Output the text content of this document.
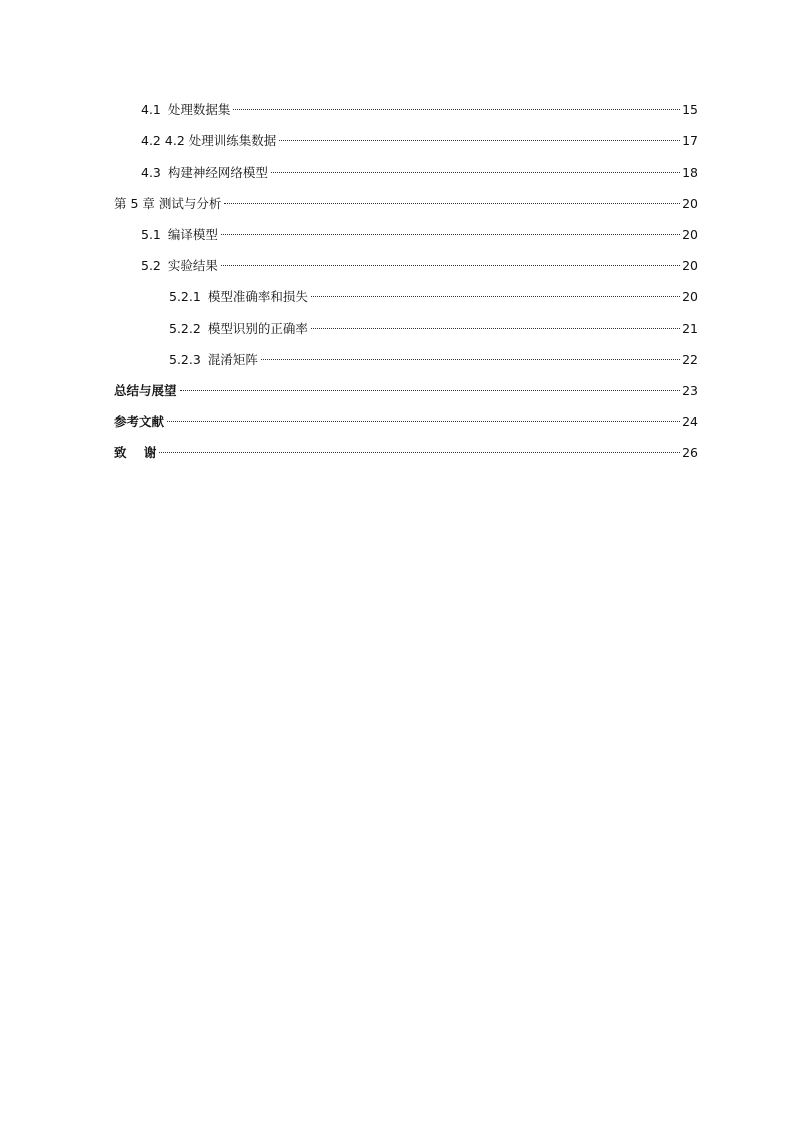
4.1 处理数据集	15
4.2 4.2 处理训练集数据	17
4.3 构建神经网络模型	18
第 5 章 测试与分析	20
5.1 编译模型	20
5.2 实验结果	20
5.2.1 模型准确率和损失	20
5.2.2 模型识别的正确率	21
5.2.3 混淆矩阵	22
总结与展望	23
参考文献	24
致    谢	26
